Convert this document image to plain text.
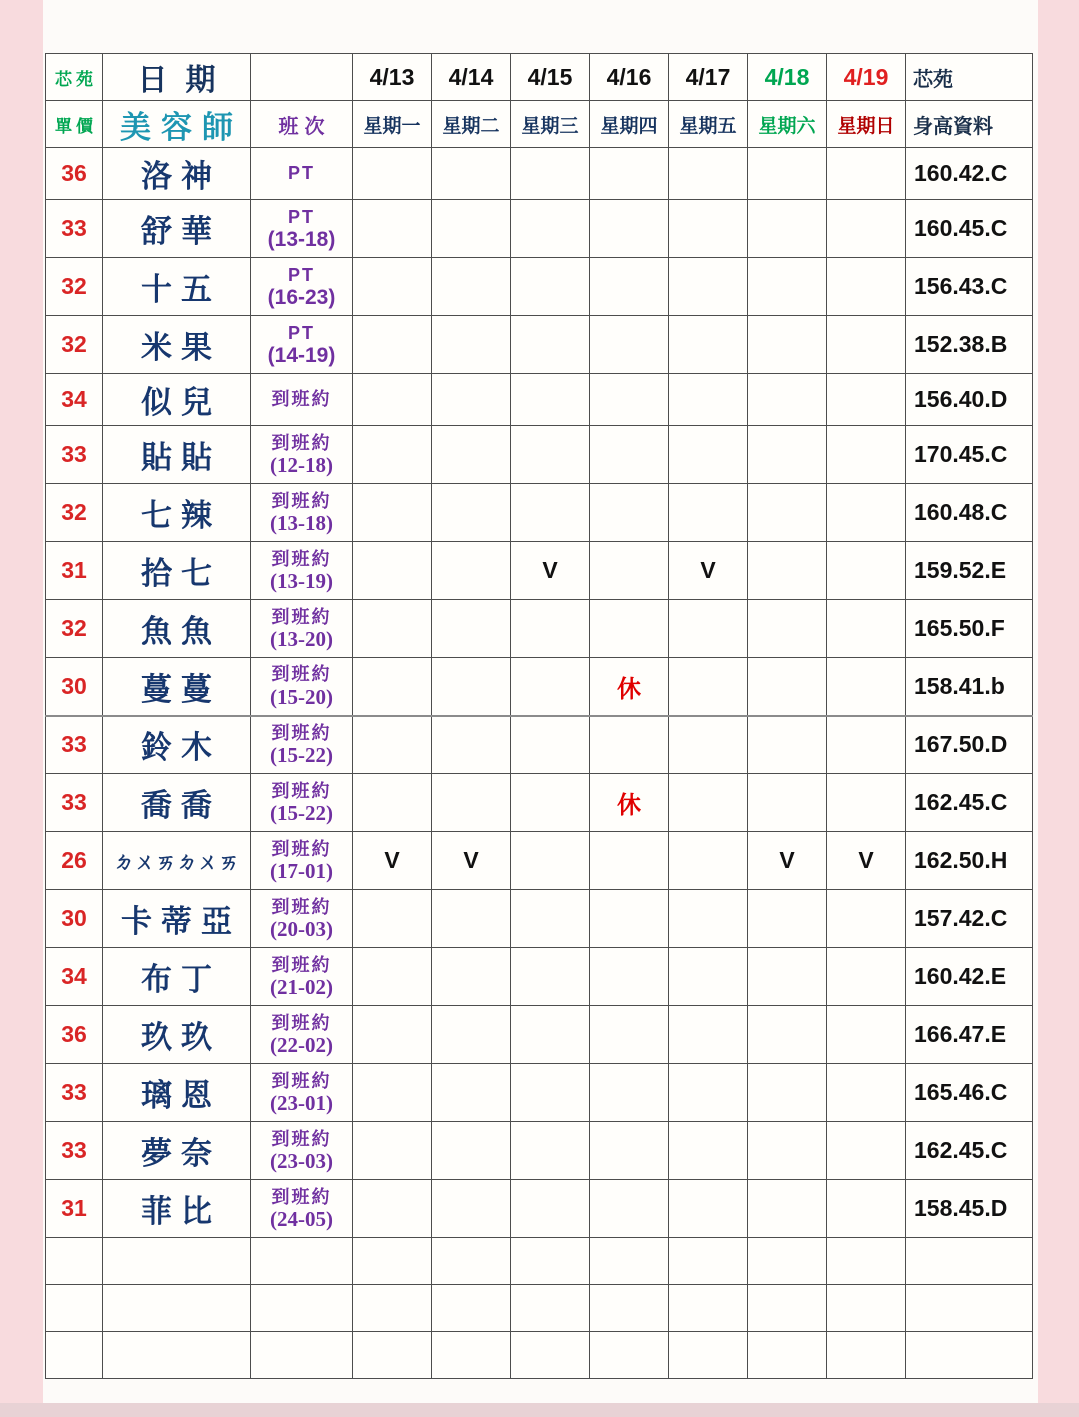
芯苑	日期		4/13	4/14	4/15	4/16	4/17	4/18	4/19	芯苑
單價	美容師	班次	星期一	星期二	星期三	星期四	星期五	星期六	星期日	身高資料
36	洛神	PT								160.42.C
33	舒華	PT
(13-18)								160.45.C
32	十五	PT
(16-23)								156.43.C
32	米果	PT
(14-19)								152.38.B
34	似兒	到班約								156.40.D
33	貼貼	到班約
(12-18)								170.45.C
32	七辣	到班約
(13-18)								160.48.C
31	拾七	到班約
(13-19)			V		V			159.52.E
32	魚魚	到班約
(13-20)								165.50.F
30	蔓蔓	到班約
(15-20)				休				158.41.b
33	鈴木	到班約
(15-22)								167.50.D
33	喬喬	到班約
(15-22)				休				162.45.C
26	ㄉㄨㄞㄉㄨㄞ	到班約
(17-01)	V	V				V	V	162.50.H
30	卡蒂亞	到班約
(20-03)								157.42.C
34	布丁	到班約
(21-02)								160.42.E
36	玖玖	到班約
(22-02)								166.47.E
33	璃恩	到班約
(23-01)								165.46.C
33	夢奈	到班約
(23-03)								162.45.C
31	菲比	到班約
(24-05)								158.45.D
